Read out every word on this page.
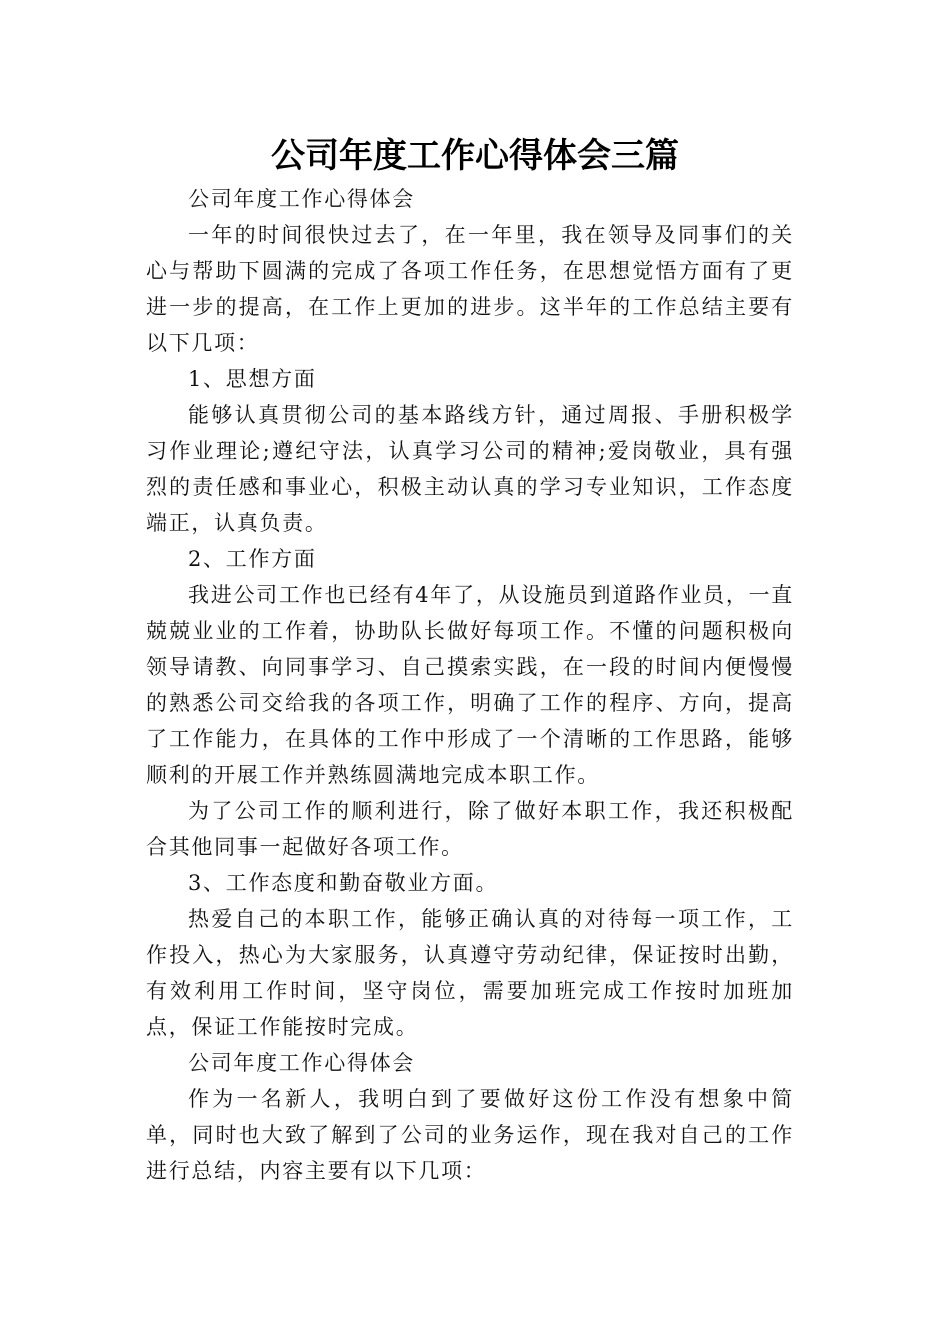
公司年度工作心得体会三篇

公司年度工作心得体会

一年的时间很快过去了，在一年里，我在领导及同事们的关心与帮助下圆满的完成了各项工作任务，在思想觉悟方面有了更进一步的提高，在工作上更加的进步。这半年的工作总结主要有以下几项：

1、思想方面

能够认真贯彻公司的基本路线方针，通过周报、手册积极学习作业理论;遵纪守法，认真学习公司的精神;爱岗敬业，具有强烈的责任感和事业心，积极主动认真的学习专业知识，工作态度端正，认真负责。

2、工作方面

我进公司工作也已经有4年了，从设施员到道路作业员，一直兢兢业业的工作着，协助队长做好每项工作。不懂的问题积极向领导请教、向同事学习、自己摸索实践，在一段的时间内便慢慢的熟悉公司交给我的各项工作，明确了工作的程序、方向，提高了工作能力，在具体的工作中形成了一个清晰的工作思路，能够顺利的开展工作并熟练圆满地完成本职工作。

为了公司工作的顺利进行，除了做好本职工作，我还积极配合其他同事一起做好各项工作。

3、工作态度和勤奋敬业方面。

热爱自己的本职工作，能够正确认真的对待每一项工作，工作投入，热心为大家服务，认真遵守劳动纪律，保证按时出勤，有效利用工作时间，坚守岗位，需要加班完成工作按时加班加点，保证工作能按时完成。

公司年度工作心得体会

作为一名新人，我明白到了要做好这份工作没有想象中简单，同时也大致了解到了公司的业务运作，现在我对自己的工作进行总结，内容主要有以下几项：
